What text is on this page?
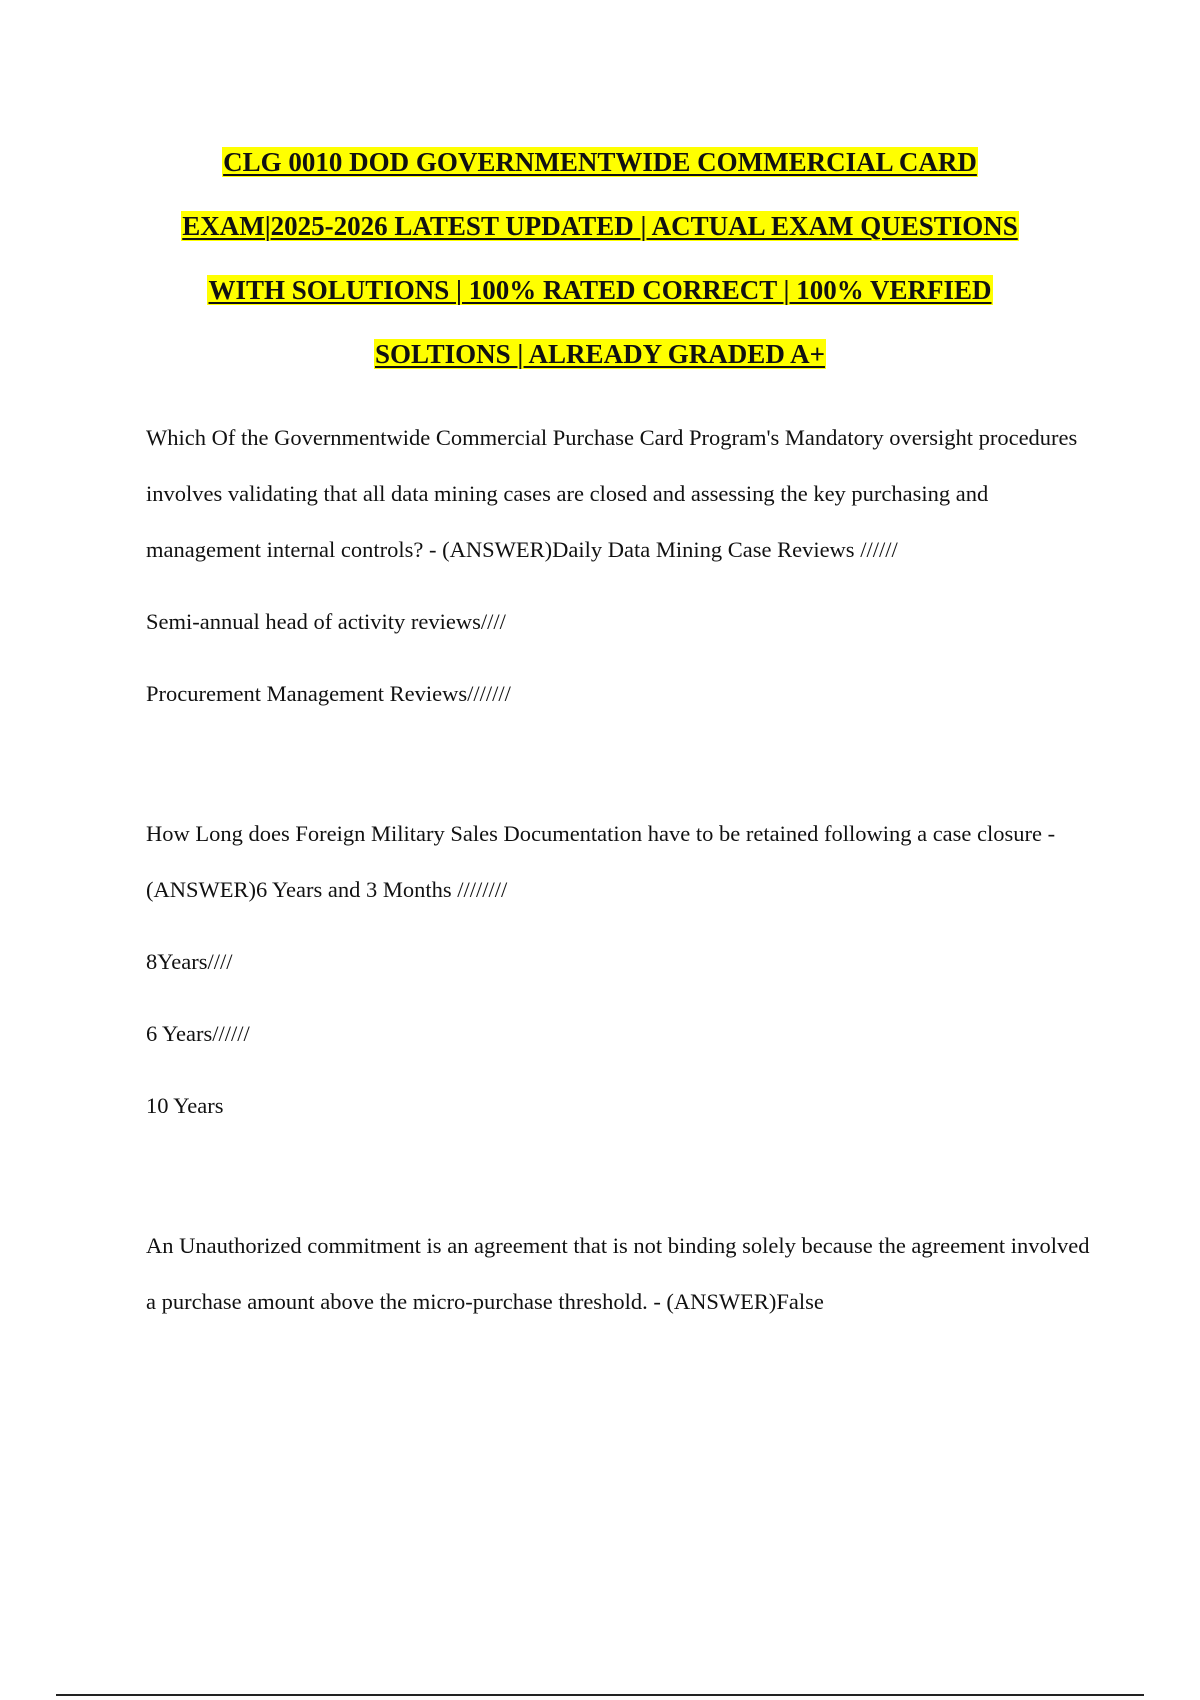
CLG 0010 DOD GOVERNMENTWIDE COMMERCIAL CARD
EXAM|2025-2026 LATEST UPDATED | ACTUAL EXAM QUESTIONS
WITH SOLUTIONS | 100% RATED CORRECT | 100% VERFIED
SOLTIONS | ALREADY GRADED A+

Which Of the Governmentwide Commercial Purchase Card Program's Mandatory oversight procedures involves validating that all data mining cases are closed and assessing the key purchasing and management internal controls? - (ANSWER)Daily Data Mining Case Reviews //////

Semi-annual head of activity reviews////

Procurement Management Reviews///////

How Long does Foreign Military Sales Documentation have to be retained following a case closure - (ANSWER)6 Years and 3 Months ////////

8Years////

6 Years//////

10 Years

An Unauthorized commitment is an agreement that is not binding solely because the agreement involved a purchase amount above the micro-purchase threshold. - (ANSWER)False
